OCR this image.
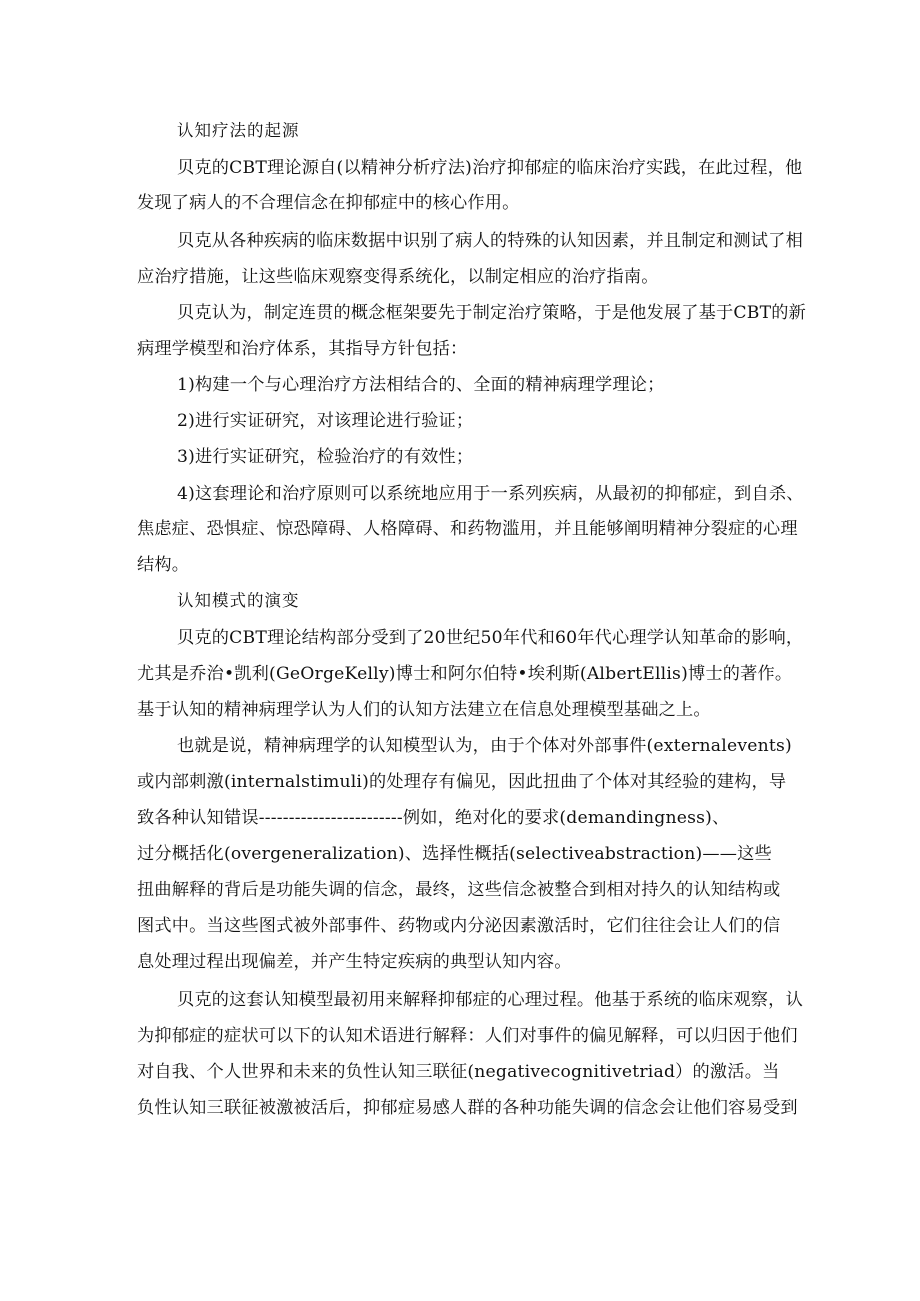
认知疗法的起源
贝克的CBT理论源自(以精神分析疗法)治疗抑郁症的临床治疗实践，在此过程，他
发现了病人的不合理信念在抑郁症中的核心作用。
贝克从各种疾病的临床数据中识别了病人的特殊的认知因素，并且制定和测试了相
应治疗措施，让这些临床观察变得系统化，以制定相应的治疗指南。
贝克认为，制定连贯的概念框架要先于制定治疗策略，于是他发展了基于CBT的新
病理学模型和治疗体系，其指导方针包括：
1)构建一个与心理治疗方法相结合的、全面的精神病理学理论；
2)进行实证研究，对该理论进行验证；
3)进行实证研究，检验治疗的有效性；
4)这套理论和治疗原则可以系统地应用于一系列疾病，从最初的抑郁症，到自杀、
焦虑症、恐惧症、惊恐障碍、人格障碍、和药物滥用，并且能够阐明精神分裂症的心理
结构。
认知模式的演变
贝克的CBT理论结构部分受到了20世纪50年代和60年代心理学认知革命的影响，
尤其是乔治•凯利(GeOrgeKelly)博士和阿尔伯特•埃利斯(AlbertEllis)博士的著作。
基于认知的精神病理学认为人们的认知方法建立在信息处理模型基础之上。
也就是说，精神病理学的认知模型认为，由于个体对外部事件(externalevents)
或内部刺激(internalstimuli)的处理存有偏见，因此扭曲了个体对其经验的建构，导
致各种认知错误------------------------例如，绝对化的要求(demandingness)、
过分概括化(overgeneralization)、选择性概括(selectiveabstraction)——这些
扭曲解释的背后是功能失调的信念，最终，这些信念被整合到相对持久的认知结构或
图式中。当这些图式被外部事件、药物或内分泌因素激活时，它们往往会让人们的信
息处理过程出现偏差，并产生特定疾病的典型认知内容。
贝克的这套认知模型最初用来解释抑郁症的心理过程。他基于系统的临床观察，认
为抑郁症的症状可以下的认知术语进行解释：人们对事件的偏见解释，可以归因于他们
对自我、个人世界和未来的负性认知三联征(negativecognitivetriad）的激活。当
负性认知三联征被激被活后，抑郁症易感人群的各种功能失调的信念会让他们容易受到
